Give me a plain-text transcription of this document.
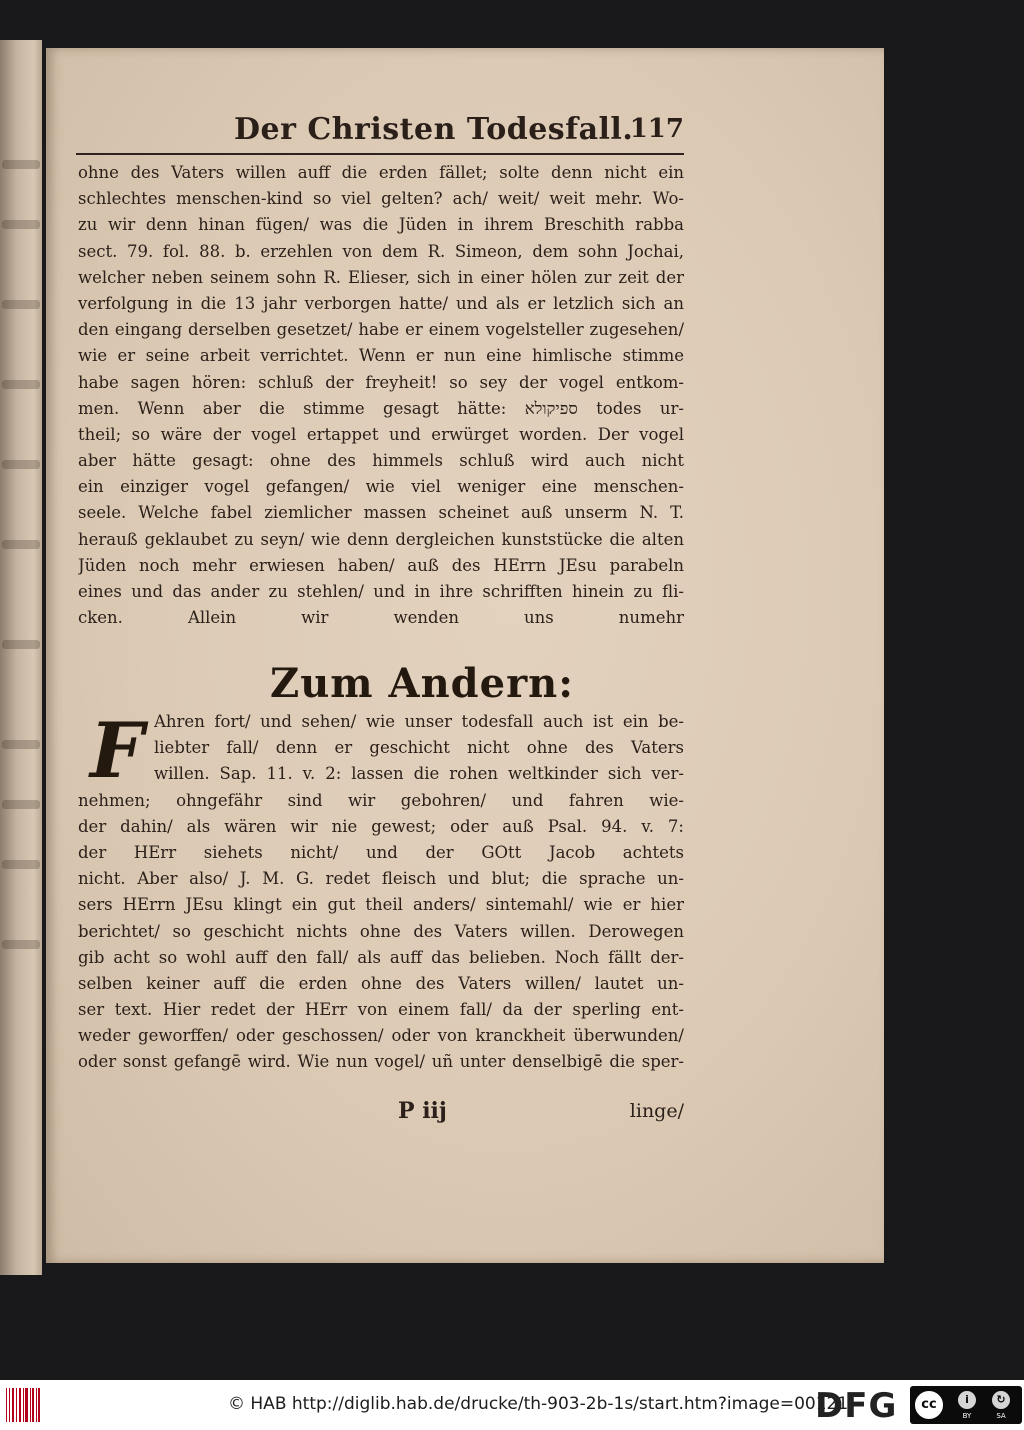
Der Christen Todesfall.
117
ohne des Vaters willen auff die erden fället; solte denn nicht ein
schlechtes menschen-kind so viel gelten? ach/ weit/ weit mehr. Wo-
zu wir denn hinan fügen/ was die Jüden in ihrem Breschith rabba
sect. 79. fol. 88. b. erzehlen von dem R. Simeon, dem sohn Jochai,
welcher neben seinem sohn R. Elieser, sich in einer hölen zur zeit der
verfolgung in die 13 jahr verborgen hatte/ und als er letzlich sich an
den eingang derselben gesetzet/ habe er einem vogelsteller zugesehen/
wie er seine arbeit verrichtet. Wenn er nun eine himlische stimme
habe sagen hören: schluß der freyheit! so sey der vogel entkom-
men. Wenn aber die stimme gesagt hätte: ספיקולא todes ur-
theil; so wäre der vogel ertappet und erwürget worden. Der vogel
aber hätte gesagt: ohne des himmels schluß wird auch nicht
ein einziger vogel gefangen/ wie viel weniger eine menschen-
seele. Welche fabel ziemlicher massen scheinet auß unserm N. T.
herauß geklaubet zu seyn/ wie denn dergleichen kunststücke die alten
Jüden noch mehr erwiesen haben/ auß des HErrn JEsu parabeln
eines und das ander zu stehlen/ und in ihre schrifften hinein zu fli-
cken. Allein wir wenden uns numehr
Zum Andern:
F Ahren fort/ und sehen/ wie unser todesfall auch ist ein be-
liebter fall/ denn er geschicht nicht ohne des Vaters
willen. Sap. 11. v. 2: lassen die rohen weltkinder sich ver-
nehmen; ohngefähr sind wir gebohren/ und fahren wie-
der dahin/ als wären wir nie gewest; oder auß Psal. 94. v. 7:
der HErr siehets nicht/ und der GOtt Jacob achtets
nicht. Aber also/ J. M. G. redet fleisch und blut; die sprache un-
sers HErrn JEsu klingt ein gut theil anders/ sintemahl/ wie er hier
berichtet/ so geschicht nichts ohne des Vaters willen. Derowegen
gib acht so wohl auff den fall/ als auff das belieben. Noch fällt der-
selben keiner auff die erden ohne des Vaters willen/ lautet un-
ser text. Hier redet der HErr von einem fall/ da der sperling ent-
weder geworffen/ oder geschossen/ oder von kranckheit überwunden/
oder sonst gefangē wird. Wie nun vogel/ uñ unter denselbigē die sper-
P iij	linge/
© HAB http://diglib.hab.de/drucke/th-903-2b-1s/start.htm?image=00121
DFG	cc	i
BY
↻
SA
